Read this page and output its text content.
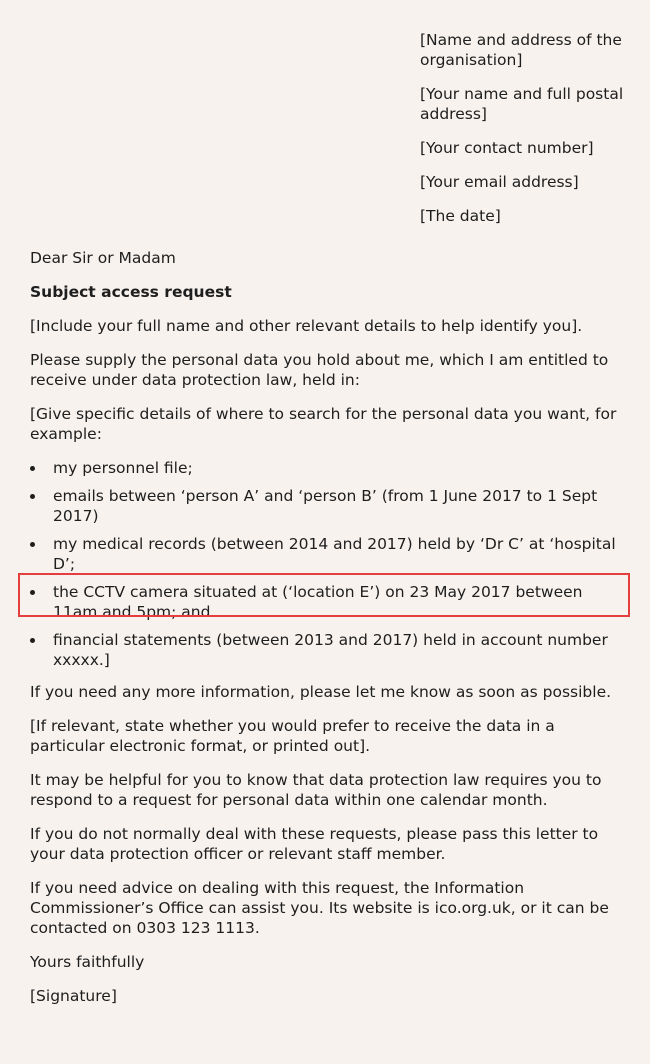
[Name and address of the organisation]

[Your name and full postal address]

[Your contact number]

[Your email address]

[The date]

Dear Sir or Madam

Subject access request

[Include your full name and other relevant details to help identify you].

Please supply the personal data you hold about me, which I am entitled to receive under data protection law, held in:

[Give specific details of where to search for the personal data you want, for example:

my personnel file;
emails between ‘person A’ and ‘person B’ (from 1 June 2017 to 1 Sept 2017)
my medical records (between 2014 and 2017) held by ‘Dr C’ at ‘hospital D’;
the CCTV camera situated at (‘location E’) on 23 May 2017 between 11am and 5pm; and
financial statements (between 2013 and 2017) held in account number xxxxx.]

If you need any more information, please let me know as soon as possible.

[If relevant, state whether you would prefer to receive the data in a particular electronic format, or printed out].

It may be helpful for you to know that data protection law requires you to respond to a request for personal data within one calendar month.

If you do not normally deal with these requests, please pass this letter to your data protection officer or relevant staff member.

If you need advice on dealing with this request, the Information Commissioner’s Office can assist you. Its website is ico.org.uk, or it can be contacted on 0303 123 1113.

Yours faithfully

[Signature]
